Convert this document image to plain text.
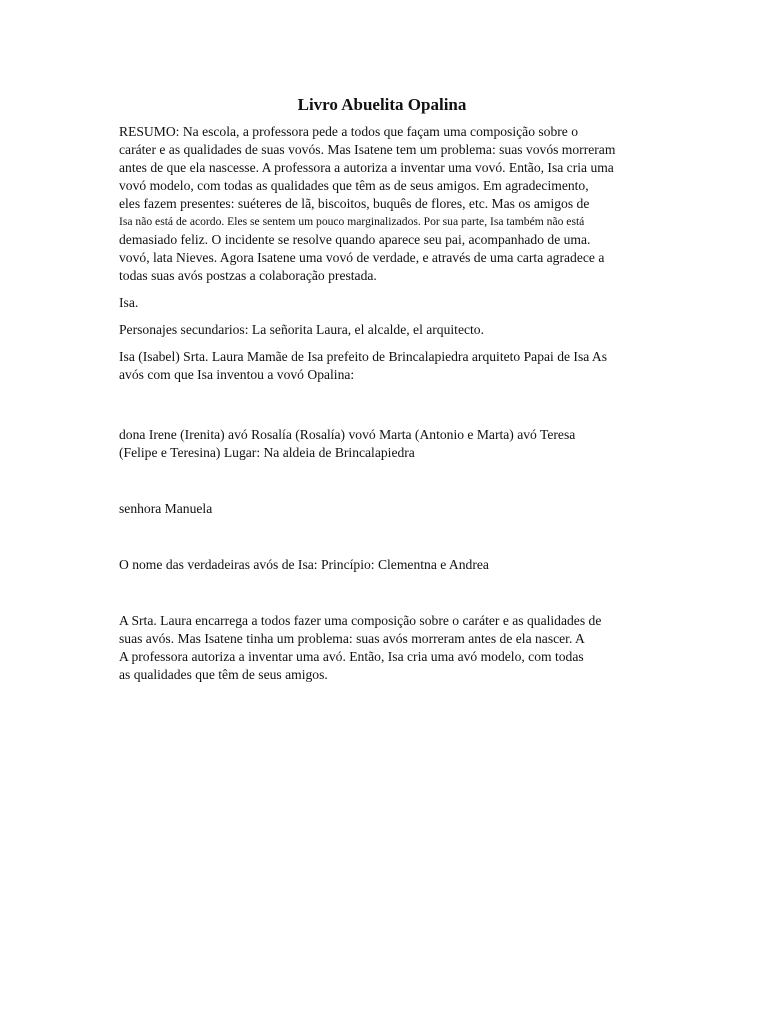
Livro Abuelita Opalina

RESUMO: Na escola, a professora pede a todos que façam uma composição sobre o

caráter e as qualidades de suas vovós. Mas Isatene tem um problema: suas vovós morreram

antes de que ela nascesse. A professora a autoriza a inventar uma vovó. Então, Isa cria uma

vovó modelo, com todas as qualidades que têm as de seus amigos. Em agradecimento,

eles fazem presentes: suéteres de lã, biscoitos, buquês de flores, etc. Mas os amigos de

Isa não está de acordo. Eles se sentem um pouco marginalizados. Por sua parte, Isa também não está

demasiado feliz. O incidente se resolve quando aparece seu pai, acompanhado de uma.

vovó, lata Nieves. Agora Isatene uma vovó de verdade, e através de uma carta agradece a

todas suas avós postzas a colaboração prestada.

Isa.

Personajes secundarios: La señorita Laura, el alcalde, el arquitecto.

Isa (Isabel) Srta. Laura Mamãe de Isa prefeito de Brincalapiedra arquiteto Papai de Isa As

avós com que Isa inventou a vovó Opalina:

dona Irene (Irenita) avó Rosalía (Rosalía) vovó Marta (Antonio e Marta) avó Teresa

(Felipe e Teresina) Lugar: Na aldeia de Brincalapiedra

senhora Manuela

O nome das verdadeiras avós de Isa: Princípio: Clementna e Andrea

A Srta. Laura encarrega a todos fazer uma composição sobre o caráter e as qualidades de

suas avós. Mas Isatene tinha um problema: suas avós morreram antes de ela nascer. A

A professora autoriza a inventar uma avó. Então, Isa cria uma avó modelo, com todas

as qualidades que têm de seus amigos.
